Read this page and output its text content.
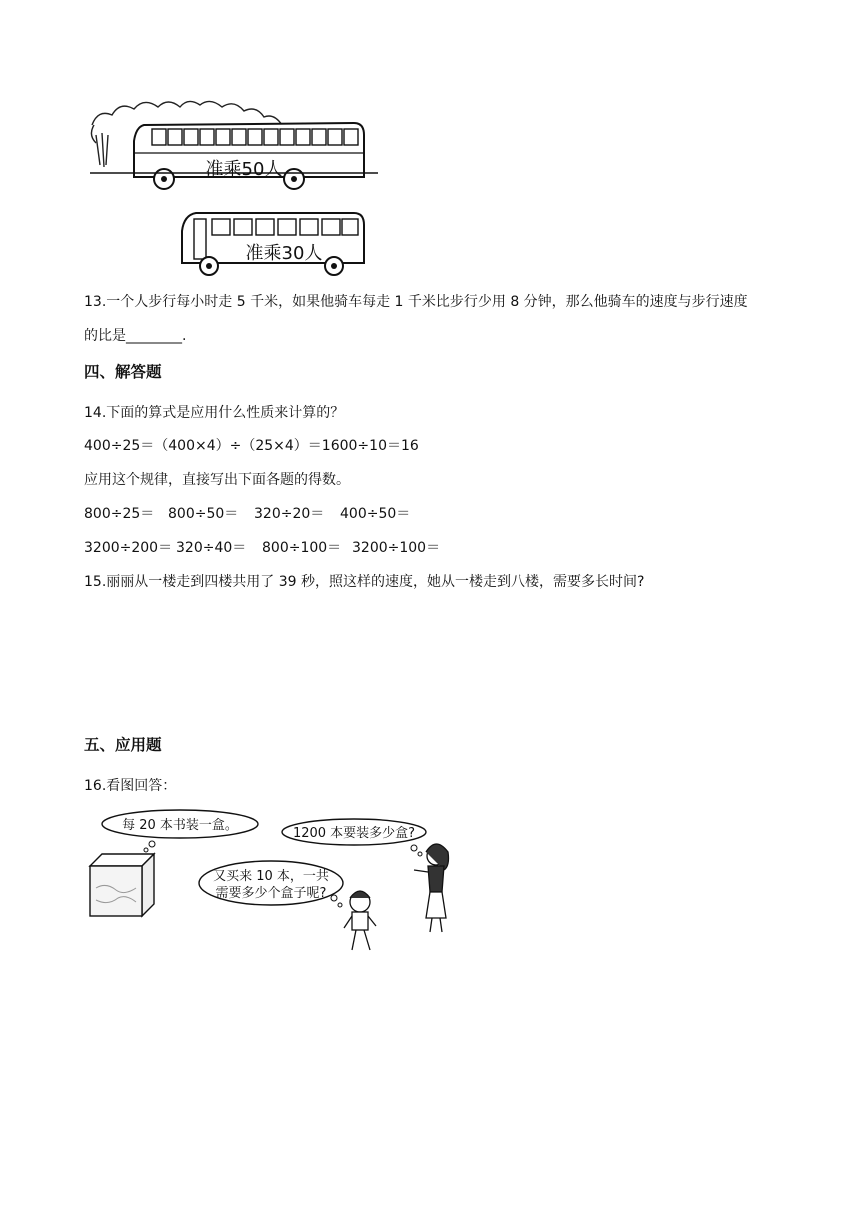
准乘50人
准乘30人
13.一个人步行每小时走 5 千米，如果他骑车每走 1 千米比步行少用 8 分钟，那么他骑车的速度与步行速度
的比是________.
四、解答题
14.下面的算式是应用什么性质来计算的？
400÷25＝（400×4）÷（25×4）＝1600÷10＝16
应用这个规律，直接写出下面各题的得数。
800÷25＝ 800÷50＝ 320÷20＝ 400÷50＝
3200÷200＝ 320÷40＝ 800÷100＝ 3200÷100＝
15.丽丽从一楼走到四楼共用了 39 秒，照这样的速度，她从一楼走到八楼，需要多长时间?
五、应用题
16.看图回答：
每 20 本书装一盒。
1200 本要装多少盒?
又买来 10 本，一共
需要多少个盒子呢?
